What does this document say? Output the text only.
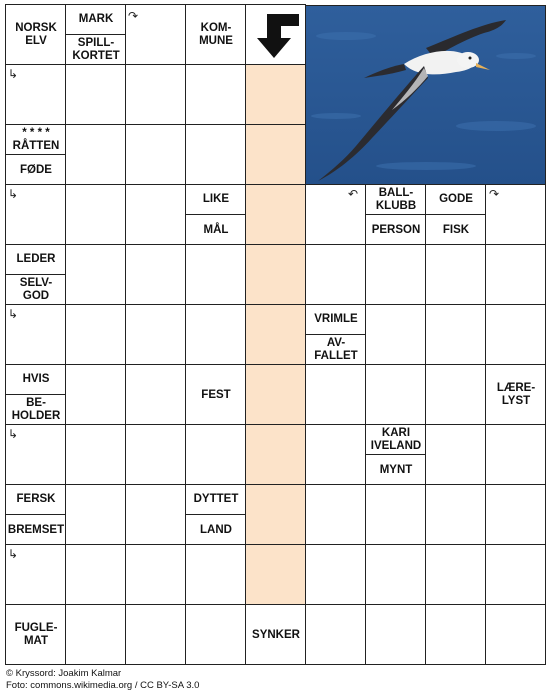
NORSK
ELV
MARK
SPILL-
KORTET
KOM-
MUNE
* * * *
RÅTTEN
FØDE
LIKE
MÅL
BALL-
KLUBB
PERSON
GODE
FISK
LEDER
SELV-
GOD
VRIMLE
AV-
FALLET
HVIS
BE-
HOLDER
FEST
LÆRE-
LYST
KARI
IVELAND
MYNT
FERSK
BREMSET
DYTTET
LAND
FUGLE-
MAT
SYNKER
↳
↳
↳
↳
↳
↷
↶	↷
© Kryssord: Joakim Kalmar
Foto: commons.wikimedia.org / CC BY-SA 3.0
